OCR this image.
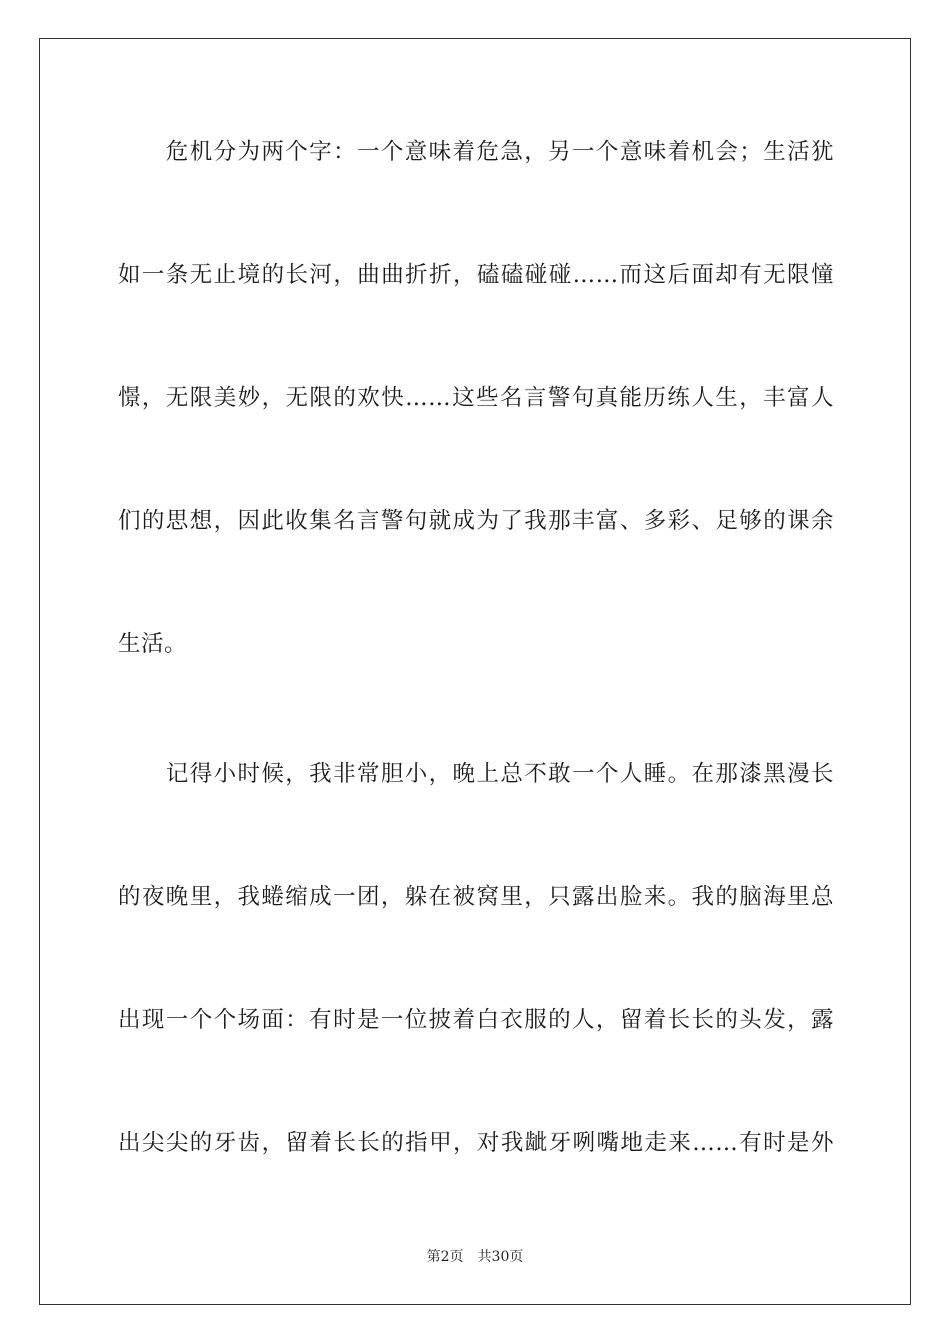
　　危机分为两个字：一个意味着危急，另一个意味着机会；生活犹
如一条无止境的长河，曲曲折折，磕磕碰碰……而这后面却有无限憧
憬，无限美妙，无限的欢快……这些名言警句真能历练人生，丰富人
们的思想，因此收集名言警句就成为了我那丰富、多彩、足够的课余
生活。
　　记得小时候，我非常胆小，晚上总不敢一个人睡。在那漆黑漫长
的夜晚里，我蜷缩成一团，躲在被窝里，只露出脸来。我的脑海里总
出现一个个场面：有时是一位披着白衣服的人，留着长长的头发，露
出尖尖的牙齿，留着长长的指甲，对我龇牙咧嘴地走来……有时是外
第2页 共30页
